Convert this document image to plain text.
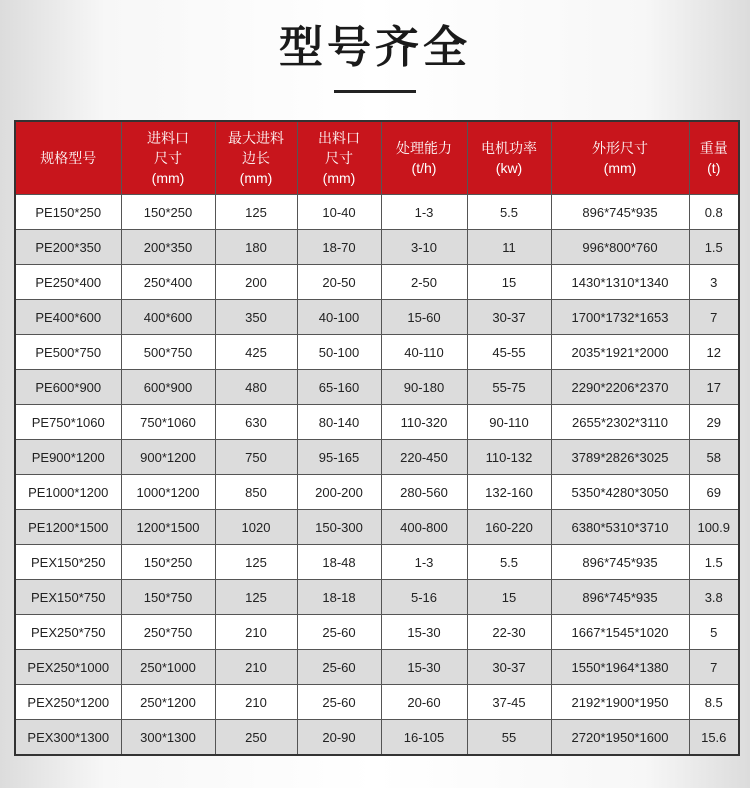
型号齐全
规格型号	进料口
尺寸
(mm)	最大进料
边长
(mm)	出料口
尺寸
(mm)	处理能力
(t/h)	电机功率
(kw)	外形尺寸
(mm)	重量
(t)

PE150*250	150*250	125	10-40	1-3	5.5	896*745*935	0.8
PE200*350	200*350	180	18-70	3-10	11	996*800*760	1.5
PE250*400	250*400	200	20-50	2-50	15	1430*1310*1340	3
PE400*600	400*600	350	40-100	15-60	30-37	1700*1732*1653	7
PE500*750	500*750	425	50-100	40-110	45-55	2035*1921*2000	12
PE600*900	600*900	480	65-160	90-180	55-75	2290*2206*2370	17
PE750*1060	750*1060	630	80-140	110-320	90-110	2655*2302*3110	29
PE900*1200	900*1200	750	95-165	220-450	110-132	3789*2826*3025	58
PE1000*1200	1000*1200	850	200-200	280-560	132-160	5350*4280*3050	69
PE1200*1500	1200*1500	1020	150-300	400-800	160-220	6380*5310*3710	100.9
PEX150*250	150*250	125	18-48	1-3	5.5	896*745*935	1.5
PEX150*750	150*750	125	18-18	5-16	15	896*745*935	3.8
PEX250*750	250*750	210	25-60	15-30	22-30	1667*1545*1020	5
PEX250*1000	250*1000	210	25-60	15-30	30-37	1550*1964*1380	7
PEX250*1200	250*1200	210	25-60	20-60	37-45	2192*1900*1950	8.5
PEX300*1300	300*1300	250	20-90	16-105	55	2720*1950*1600	15.6
